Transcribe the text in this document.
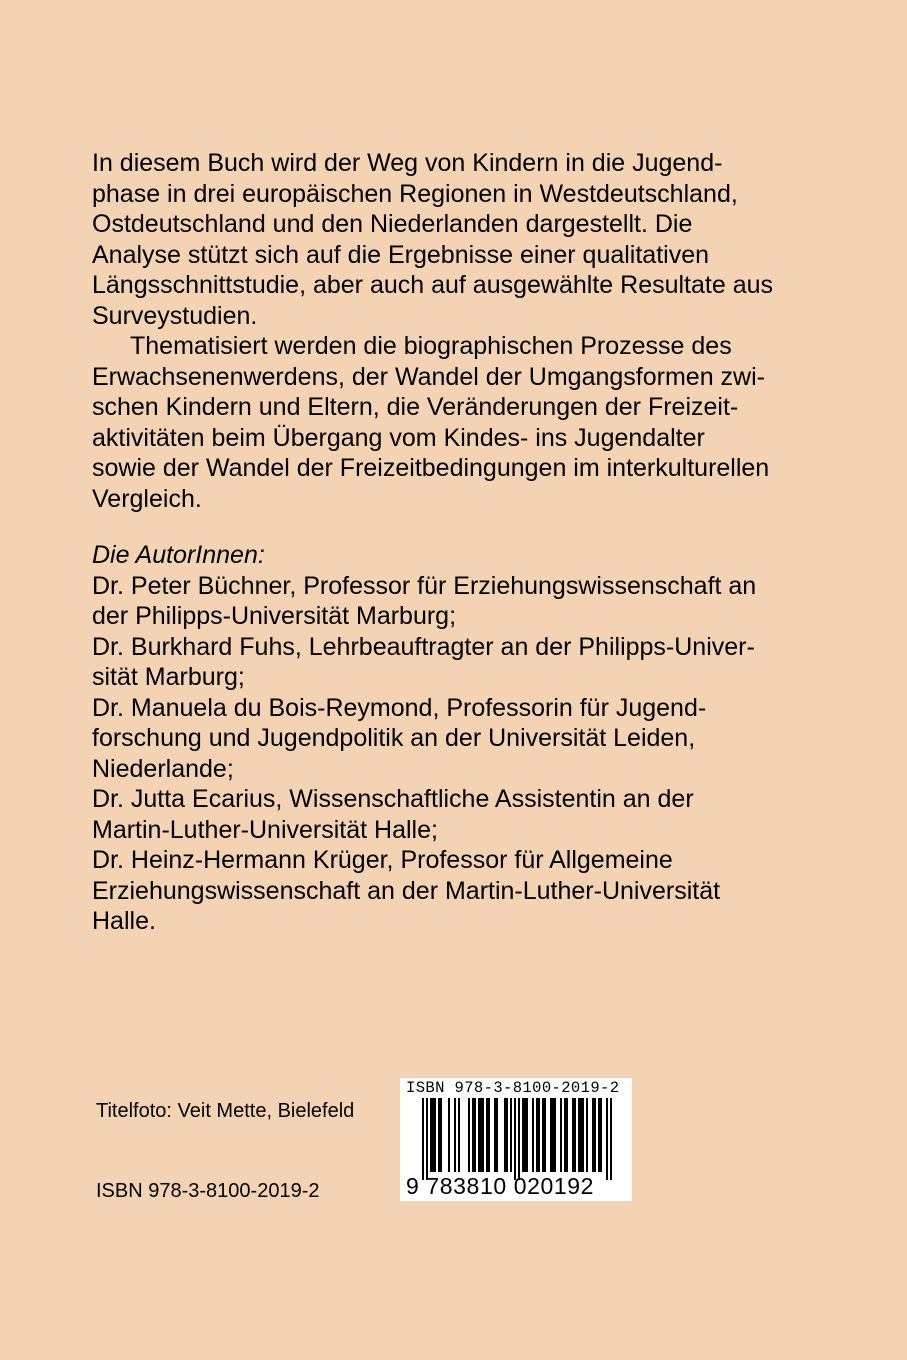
In diesem Buch wird der Weg von Kindern in die Jugend-
phase in drei europäischen Regionen in Westdeutschland,
Ostdeutschland und den Niederlanden dargestellt. Die
Analyse stützt sich auf die Ergebnisse einer qualitativen
Längsschnittstudie, aber auch auf ausgewählte Resultate aus
Surveystudien.

Thematisiert werden die biographischen Prozesse des
Erwachsenenwerdens, der Wandel der Umgangsformen zwi-
schen Kindern und Eltern, die Veränderungen der Freizeit-
aktivitäten beim Übergang vom Kindes- ins Jugendalter
sowie der Wandel der Freizeitbedingungen im interkulturellen
Vergleich.

Die AutorInnen:

Dr. Peter Büchner, Professor für Erziehungswissenschaft an
der Philipps-Universität Marburg;
Dr. Burkhard Fuhs, Lehrbeauftragter an der Philipps-Univer-
sität Marburg;
Dr. Manuela du Bois-Reymond, Professorin für Jugend-
forschung und Jugendpolitik an der Universität Leiden,
Niederlande;
Dr. Jutta Ecarius, Wissenschaftliche Assistentin an der
Martin-Luther-Universität Halle;
Dr. Heinz-Hermann Krüger, Professor für Allgemeine
Erziehungswissenschaft an der Martin-Luther-Universität
Halle.

Titelfoto: Veit Mette, Bielefeld
ISBN 978-3-8100-2019-2
ISBN 978-3-8100-2019-2
9 783810 020192
